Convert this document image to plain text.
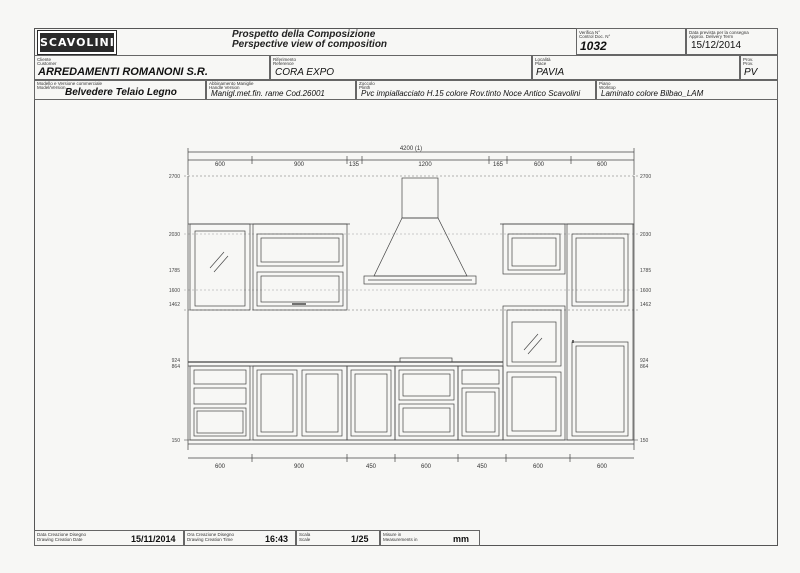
SCAVOLINI
Prospetto della Composizione
Perspective view of composition
Verifica N°
Control Doc. N°
1032
Data prevista per la consegna
Approx. Delivery Term
15/12/2014
Cliente
Customer
ARREDAMENTI ROMANONI S.R.
Riferimento
Reference
CORA EXPO
Località
Place
PAVIA
Prov.
Prov.
PV
Modello e Versione commerciale
Model/Version Belvedere Telaio Legno
Abbinamento Maniglie
Handle Version
Manigl.met.fin. rame Cod.26001
Zoccolo
Plinth
Pvc impiallacciato H.15 colore Rov.tinto Noce Antico Scavolini
Piano
Worktop
Laminato colore Bilbao_LAM
4200 (1)
600	900	135	1200	165	600	600
600	900	450	600	450	600	600
2700
2030
1785
1600
1462
924
864
150
2700
2030
1785
1600
1462
924
864
150
Data Creazione Disegno
Drawing Creation Date	15/11/2014	Ora Creazione Disegno
Drawing Creation Time	16:43 Scala
Scale	1/25	Misure in
Measurements in	mm
